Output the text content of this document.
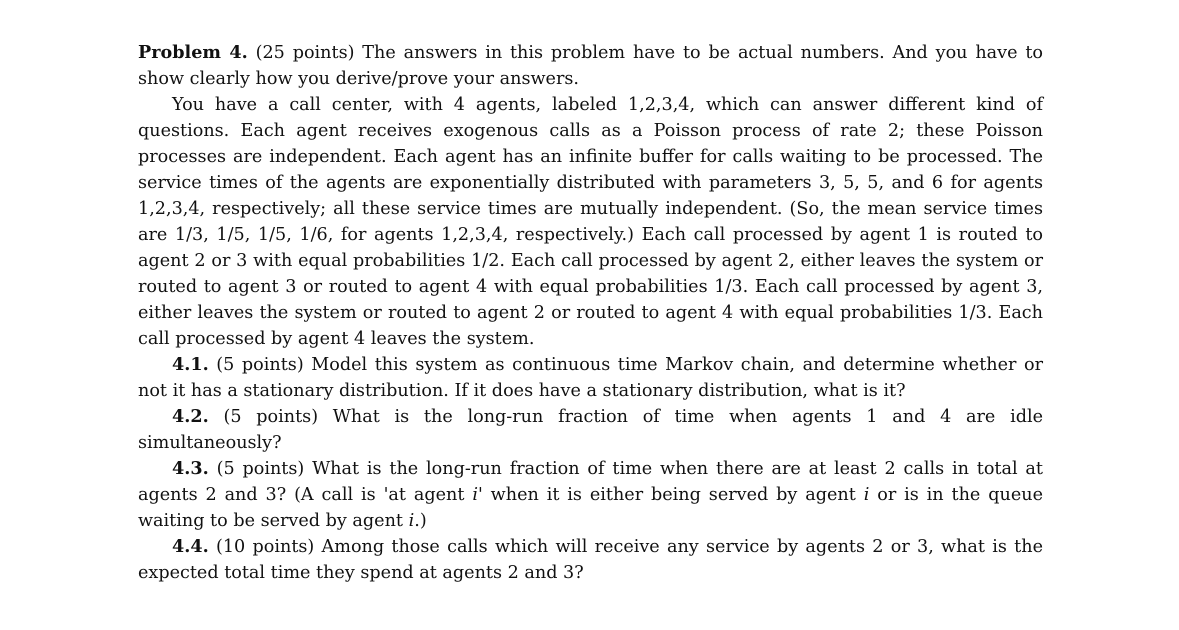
Problem 4. (25 points) The answers in this problem have to be actual numbers. And you have to show clearly how you derive/prove your answers.

You have a call center, with 4 agents, labeled 1,2,3,4, which can answer different kind of questions. Each agent receives exogenous calls as a Poisson process of rate 2; these Poisson processes are independent. Each agent has an infinite buffer for calls waiting to be processed. The service times of the agents are exponentially distributed with parameters 3, 5, 5, and 6 for agents 1,2,3,4, respectively; all these service times are mutually independent. (So, the mean service times are 1/3, 1/5, 1/5, 1/6, for agents 1,2,3,4, respectively.) Each call processed by agent 1 is routed to agent 2 or 3 with equal probabilities 1/2. Each call processed by agent 2, either leaves the system or routed to agent 3 or routed to agent 4 with equal probabilities 1/3. Each call processed by agent 3, either leaves the system or routed to agent 2 or routed to agent 4 with equal probabilities 1/3. Each call processed by agent 4 leaves the system.

4.1. (5 points) Model this system as continuous time Markov chain, and determine whether or not it has a stationary distribution. If it does have a stationary distribution, what is it?

4.2. (5 points) What is the long-run fraction of time when agents 1 and 4 are idle simultaneously?

4.3. (5 points) What is the long-run fraction of time when there are at least 2 calls in total at agents 2 and 3? (A call is 'at agent i' when it is either being served by agent i or is in the queue waiting to be served by agent i.)

4.4. (10 points) Among those calls which will receive any service by agents 2 or 3, what is the expected total time they spend at agents 2 and 3?
